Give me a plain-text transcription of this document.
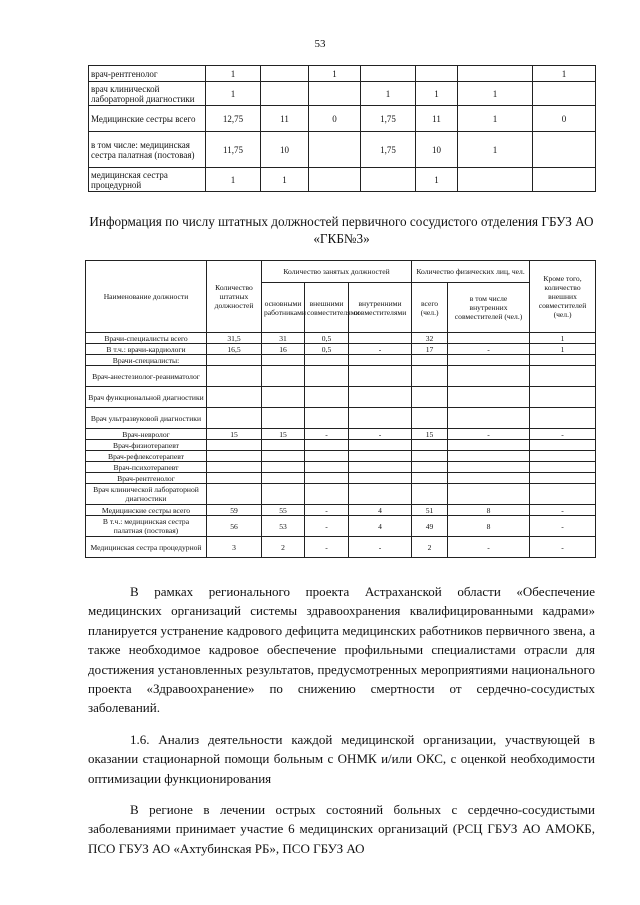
53
врач-рентгенолог	1		1				1
врач клинической лабораторной диагностики	1			1	1	1	
Медицинские сестры всего	12,75	11	0	1,75	11	1	0
в том числе: медицинская сестра палатная (постовая)	11,75	10		1,75	10	1	
медицинская сестра процедурной	1	1			1		
Информация по числу штатных должностей первичного сосудистого отделения ГБУЗ АО «ГКБ№3»
Наименование должности	Количество штатных должностей	Количество занятых должностей			Количество физических лиц, чел.		Кроме того, количество внешних совместителей (чел.)
		основными работниками	внешними совместителями	внутренними совместителями	всего (чел.)	в том числе внутренних совместителей (чел.)	
Врачи-специалисты всего	31,5	31	0,5		32		1
В т.ч.: врачи-кардиологи	16,5	16	0,5	-	17	-	1
Врачи-специалисты:							
Врач-анестезиолог-реаниматолог							
Врач функциональной диагностики							
Врач ультразвуковой диагностики							
Врач-невролог	15	15	-	-	15	-	-
Врач-физиотерапевт							
Врач-рефлексотерапевт							
Врач-психотерапевт							
Врач-рентгенолог							
Врач клинической лабораторной диагностики							
Медицинские сестры всего	59	55	-	4	51	8	-
В т.ч.: медицинская сестра палатная (постовая)	56	53	-	4	49	8	-
Медицинская сестра процедурной	3	2	-	-	2	-	-

В рамках регионального проекта Астраханской области «Обеспечение медицинских организаций системы здравоохранения квалифицированными кадрами» планируется устранение кадрового дефицита медицинских работников первичного звена, а также необходимое кадровое обеспечение профильными специалистами отрасли для достижения установленных результатов, предусмотренных мероприятиями национального проекта «Здравоохранение» по снижению смертности от сердечно-сосудистых заболеваний.

1.6. Анализ деятельности каждой медицинской организации, участвующей в оказании стационарной помощи больным с ОНМК и/или ОКС, с оценкой необходимости оптимизации функционирования

В регионе в лечении острых состояний больных с сердечно-сосудистыми заболеваниями принимает участие 6 медицинских организаций (РСЦ ГБУЗ АО АМОКБ, ПСО ГБУЗ АО «Ахтубинская РБ», ПСО ГБУЗ АО
